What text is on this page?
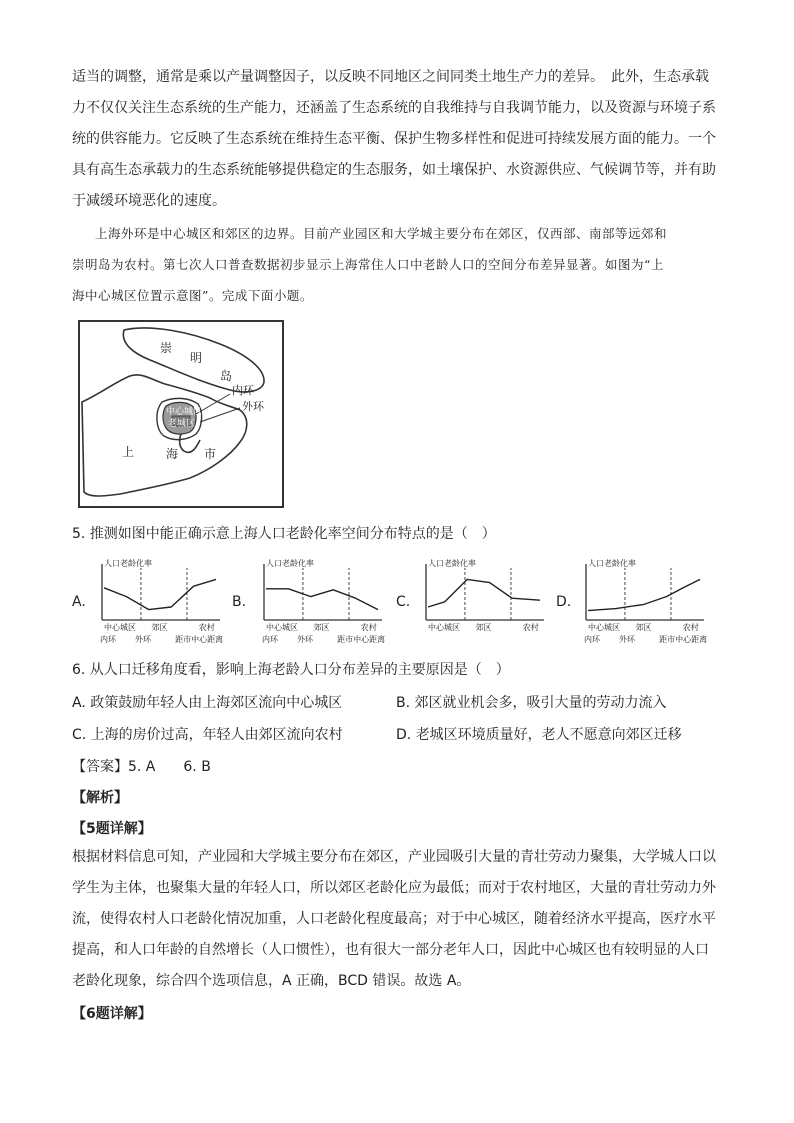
适当的调整，通常是乘以产量调整因子，以反映不同地区之间同类土地生产力的差异。　此外，生态承载
力不仅仅关注生态系统的生产能力，还涵盖了生态系统的自我维持与自我调节能力，以及资源与环境子系
统的供容能力。它反映了生态系统在维持生态平衡、保护生物多样性和促进可持续发展方面的能力。一个
具有高生态承载力的生态系统能够提供稳定的生态服务，如土壤保护、水资源供应、气候调节等，并有助
于减缓环境恶化的速度。
上海外环是中心城区和郊区的边界。目前产业园区和大学城主要分布在郊区，仅西部、南部等远郊和
崇明岛为农村。第七次人口普查数据初步显示上海常住人口中老龄人口的空间分布差异显著。如图为“上
海中心城区位置示意图”。完成下面小题。
崇
明
岛
上	海 市
中心城区
老城区
内环
外环
5. 推测如图中能正确示意上海人口老龄化率空间分布特点的是（　）
A.
人口老龄化率
中心城区 郊区	农村
内环 外环	距市中心距离
B.
人口老龄化率
中心城区 郊区	农村
内环 外环	距市中心距离
C.
人口老龄化率
中心城区 郊区	农村
D.
人口老龄化率
中心城区 郊区	农村
内环 外环	距市中心距离
6. 从人口迁移角度看，影响上海老龄人口分布差异的主要原因是（　）
A. 政策鼓励年轻人由上海郊区流向中心城区	B. 郊区就业机会多，吸引大量的劳动力流入
C. 上海的房价过高，年轻人由郊区流向农村	D. 老城区环境质量好，老人不愿意向郊区迁移
【答案】5. A　　6. B
【解析】
【5题详解】
根据材料信息可知，产业园和大学城主要分布在郊区，产业园吸引大量的青壮劳动力聚集，大学城人口以
学生为主体，也聚集大量的年轻人口，所以郊区老龄化应为最低；而对于农村地区，大量的青壮劳动力外
流，使得农村人口老龄化情况加重，人口老龄化程度最高；对于中心城区，随着经济水平提高，医疗水平
提高，和人口年龄的自然增长（人口惯性），也有很大一部分老年人口，因此中心城区也有较明显的人口
老龄化现象，综合四个选项信息，A 正确，BCD 错误。故选 A。
【6题详解】
